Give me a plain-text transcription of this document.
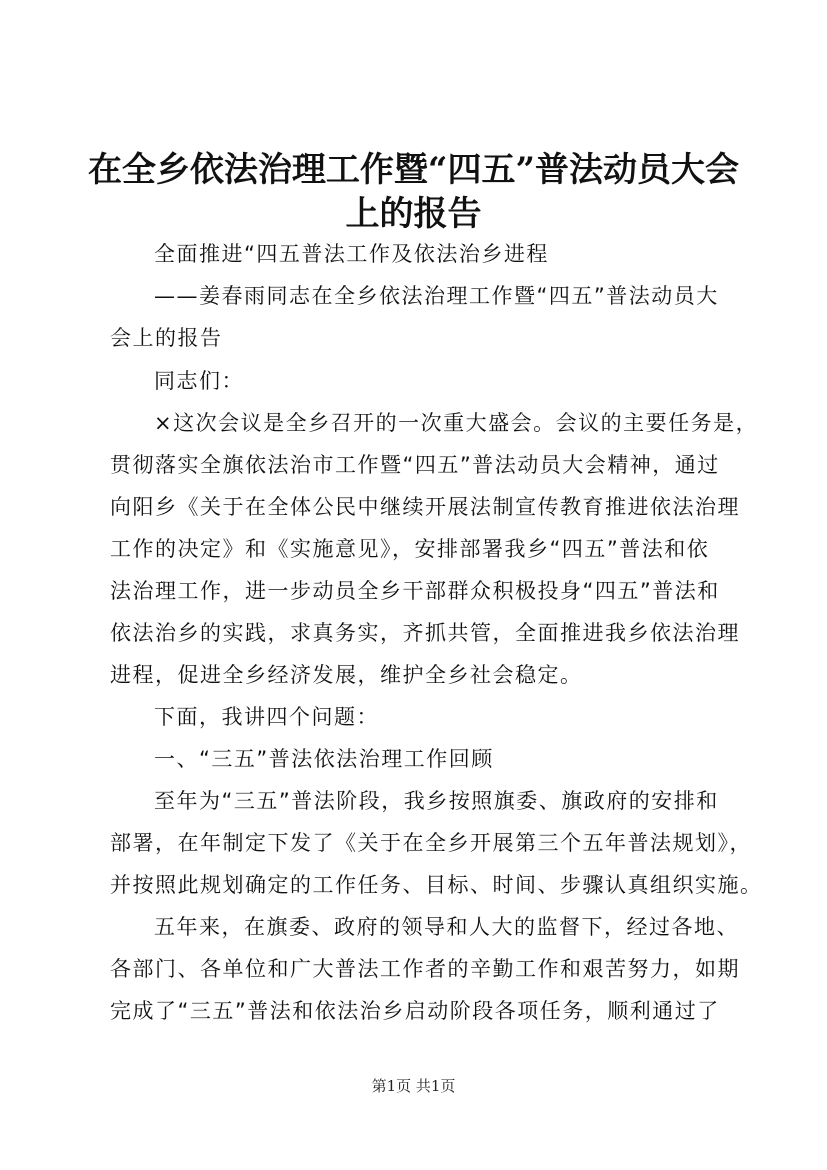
在全乡依法治理工作暨“四五”普法动员大会
上的报告
全面推进“四五普法工作及依法治乡进程
——姜春雨同志在全乡依法治理工作暨“四五”普法动员大
会上的报告
同志们：
×这次会议是全乡召开的一次重大盛会。会议的主要任务是，
贯彻落实全旗依法治市工作暨“四五”普法动员大会精神，通过
向阳乡《关于在全体公民中继续开展法制宣传教育推进依法治理
工作的决定》和《实施意见》，安排部署我乡“四五”普法和依
法治理工作，进一步动员全乡干部群众积极投身“四五”普法和
依法治乡的实践，求真务实，齐抓共管，全面推进我乡依法治理
进程，促进全乡经济发展，维护全乡社会稳定。
下面，我讲四个问题：
一、“三五”普法依法治理工作回顾
至年为“三五”普法阶段，我乡按照旗委、旗政府的安排和
部署，在年制定下发了《关于在全乡开展第三个五年普法规划》，
并按照此规划确定的工作任务、目标、时间、步骤认真组织实施。
五年来，在旗委、政府的领导和人大的监督下，经过各地、
各部门、各单位和广大普法工作者的辛勤工作和艰苦努力，如期
完成了“三五”普法和依法治乡启动阶段各项任务，顺利通过了
第1页 共1页
